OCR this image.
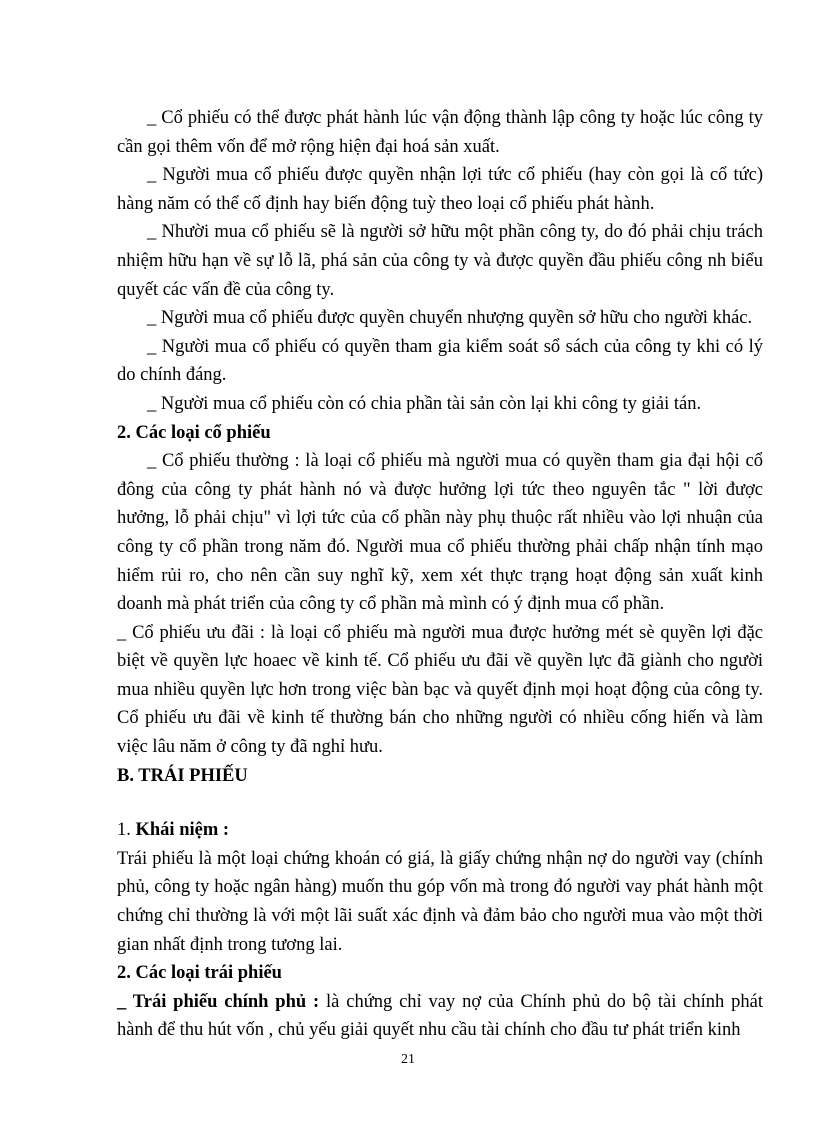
_ Cổ phiếu có thể được phát hành lúc vận động thành lập công ty hoặc lúc công ty cần gọi thêm vốn để mở rộng hiện đại hoá sản xuất.

_ Người mua cổ phiếu được quyền nhận lợi tức cổ phiếu (hay còn gọi là cổ tức) hàng năm có thể cố định hay biến động tuỳ theo loại cổ phiếu phát hành.

_ Nhười mua cổ phiếu sẽ là người sở hữu một phần công ty, do đó phải chịu trách nhiệm hữu hạn về sự lỗ lã, phá sản của công ty và được quyền đầu phiếu công nh biểu quyết các vấn đề của công ty.

_ Người mua cổ phiếu được quyền chuyển nhượng quyền sở hữu cho người khác.

_ Người mua cổ phiếu có quyền tham gia kiểm soát sổ sách của công ty khi có lý do chính đáng.

_ Người mua cổ phiếu còn có chia phần tài sản còn lại khi công ty giải tán.

2. Các loại cổ phiếu

_ Cổ phiếu thường : là loại cổ phiếu mà người mua có quyền tham gia đại hội cổ đông của công ty phát hành nó và được hưởng lợi tức theo nguyên tắc " lời được hưởng, lỗ phải chịu" vì lợi tức của cổ phần này phụ thuộc rất nhiều vào lợi nhuận của công ty cổ phần trong năm đó. Người mua cổ phiếu thường phải chấp nhận tính mạo hiểm rủi ro, cho nên cần suy nghĩ kỹ, xem xét thực trạng hoạt động sản xuất kinh doanh mà phát triển của công ty cổ phần mà mình có ý định mua cổ phần.

_ Cổ phiếu ưu đãi : là loại cổ phiếu mà người mua được hưởng mét sè quyền lợi đặc biệt về quyền lực hoaec về kinh tế. Cổ phiếu ưu đãi về quyền lực đã giành cho người mua nhiều quyền lực hơn trong việc bàn bạc và quyết định mọi hoạt động của công ty. Cổ phiếu ưu đãi về kinh tế thường bán cho những người có nhiều cống hiến và làm việc lâu năm ở công ty đã nghỉ hưu.

B. TRÁI PHIẾU

1. Khái niệm :

Trái phiếu là một loại chứng khoán có giá, là giấy chứng nhận nợ do người vay (chính phủ, công ty hoặc ngân hàng) muốn thu góp vốn mà trong đó người vay phát hành một chứng chỉ thường là với một lãi suất xác định và đảm bảo cho người mua vào một thời gian nhất định trong tương lai.

2. Các loại trái phiếu

_ Trái phiếu chính phủ : là chứng chỉ vay nợ của Chính phủ do bộ tài chính phát hành để thu hút vốn , chủ yếu giải quyết nhu cầu tài chính cho đầu tư phát triển kinh

21
